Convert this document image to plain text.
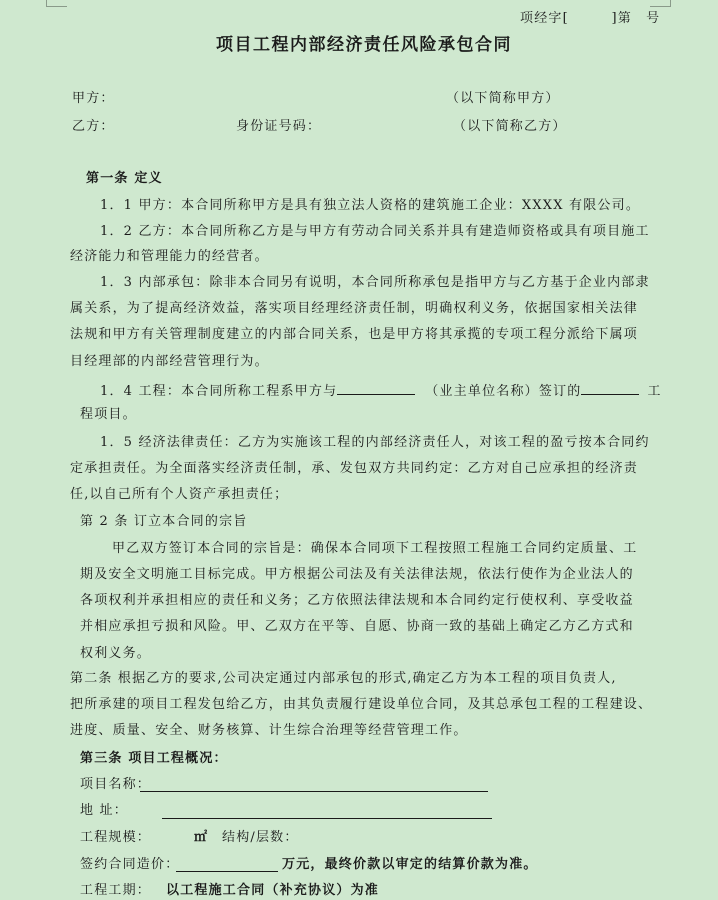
项经字[　　　]第　号
项目工程内部经济责任风险承包合同
甲方：	（以下简称甲方）
乙方：	身份证号码：	（以下简称乙方）
第一条 定义
1．1 甲方：本合同所称甲方是具有独立法人资格的建筑施工企业：XXXX 有限公司。
1．2 乙方：本合同所称乙方是与甲方有劳动合同关系并具有建造师资格或具有项目施工
经济能力和管理能力的经营者。
1．3 内部承包：除非本合同另有说明，本合同所称承包是指甲方与乙方基于企业内部隶
属关系，为了提高经济效益，落实项目经理经济责任制，明确权利义务，依据国家相关法律
法规和甲方有关管理制度建立的内部合同关系，也是甲方将其承揽的专项工程分派给下属项
目经理部的内部经营管理行为。
1．4 工程：本合同所称工程系甲方与	（业主单位名称）签订的	工
程项目。
1．5 经济法律责任：乙方为实施该工程的内部经济责任人，对该工程的盈亏按本合同约
定承担责任。为全面落实经济责任制，承、发包双方共同约定：乙方对自己应承担的经济责
任,以自己所有个人资产承担责任；
第 2 条 订立本合同的宗旨
甲乙双方签订本合同的宗旨是：确保本合同项下工程按照工程施工合同约定质量、工
期及安全文明施工目标完成。甲方根据公司法及有关法律法规，依法行使作为企业法人的
各项权利并承担相应的责任和义务；乙方依照法律法规和本合同约定行使权利、享受收益
并相应承担亏损和风险。甲、乙双方在平等、自愿、协商一致的基础上确定乙方乙方式和
权利义务。
第二条 根据乙方的要求,公司决定通过内部承包的形式,确定乙方为本工程的项目负责人,
把所承建的项目工程发包给乙方，由其负责履行建设单位合同，及其总承包工程的工程建设、
进度、质量、安全、财务核算、计生综合治理等经营管理工作。
第三条 项目工程概况：
项目名称：
地 址：
工程规模：	㎡ 结构/层数：
签约合同造价：	万元，最终价款以审定的结算价款为准。
工程工期： 以工程施工合同（补充协议）为准
